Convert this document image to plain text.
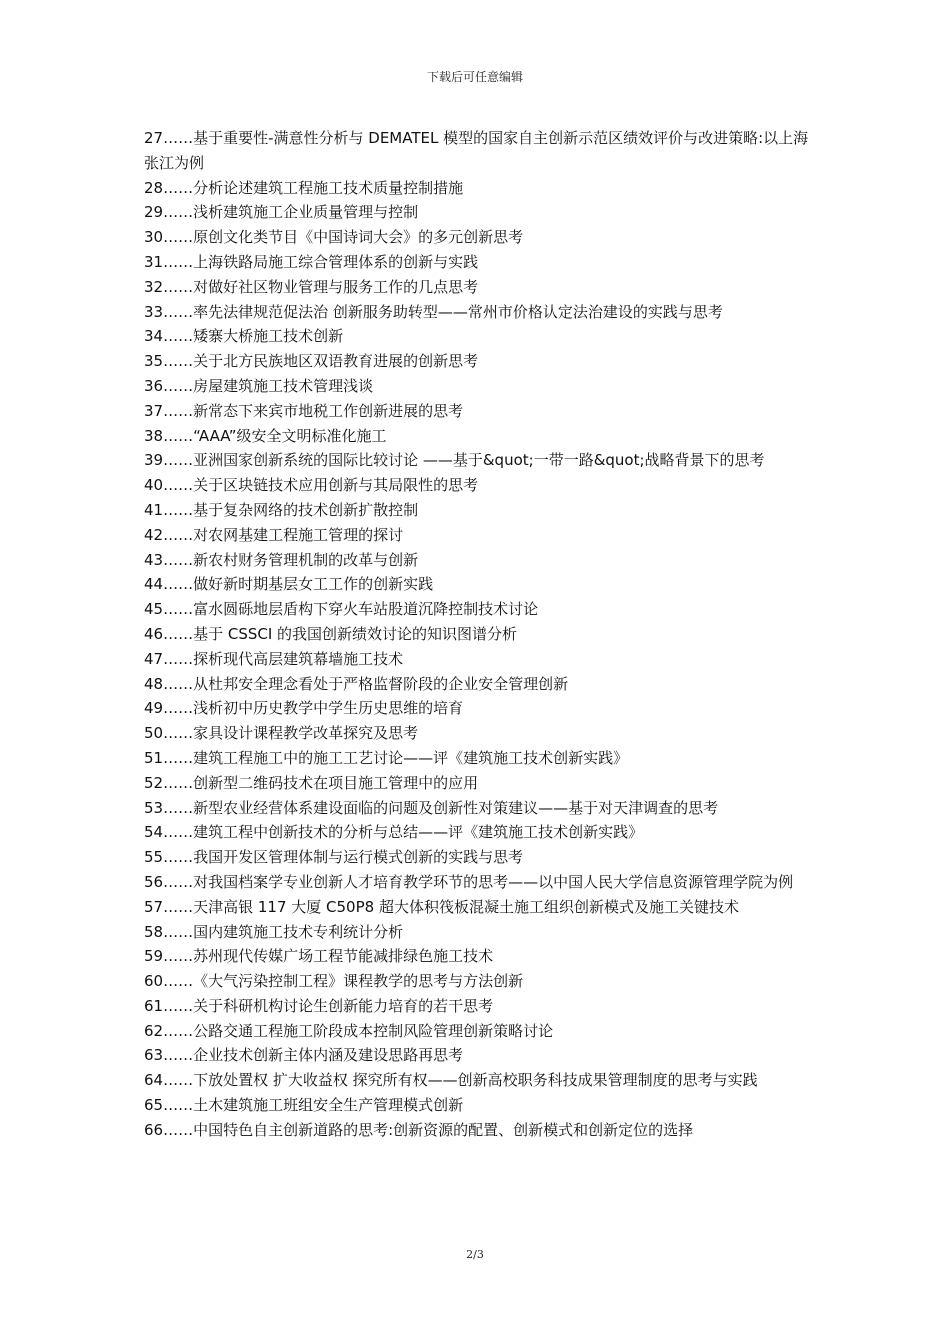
下载后可任意编辑

27……基于重要性-满意性分析与 DEMATEL 模型的国家自主创新示范区绩效评价与改进策略:以上海张江为例

28……分析论述建筑工程施工技术质量控制措施

29……浅析建筑施工企业质量管理与控制

30……原创文化类节目《中国诗词大会》的多元创新思考

31……上海铁路局施工综合管理体系的创新与实践

32……对做好社区物业管理与服务工作的几点思考

33……率先法律规范促法治 创新服务助转型——常州市价格认定法治建设的实践与思考

34……矮寨大桥施工技术创新

35……关于北方民族地区双语教育进展的创新思考

36……房屋建筑施工技术管理浅谈

37……新常态下来宾市地税工作创新进展的思考

38……“AAA”级安全文明标准化施工

39……亚洲国家创新系统的国际比较讨论 ——基于&quot;一带一路&quot;战略背景下的思考

40……关于区块链技术应用创新与其局限性的思考

41……基于复杂网络的技术创新扩散控制

42……对农网基建工程施工管理的探讨

43……新农村财务管理机制的改革与创新

44……做好新时期基层女工工作的创新实践

45……富水圆砾地层盾构下穿火车站股道沉降控制技术讨论

46……基于 CSSCI 的我国创新绩效讨论的知识图谱分析

47……探析现代高层建筑幕墙施工技术

48……从杜邦安全理念看处于严格监督阶段的企业安全管理创新

49……浅析初中历史教学中学生历史思维的培育

50……家具设计课程教学改革探究及思考

51……建筑工程施工中的施工工艺讨论——评《建筑施工技术创新实践》

52……创新型二维码技术在项目施工管理中的应用

53……新型农业经营体系建设面临的问题及创新性对策建议——基于对天津调查的思考

54……建筑工程中创新技术的分析与总结——评《建筑施工技术创新实践》

55……我国开发区管理体制与运行模式创新的实践与思考

56……对我国档案学专业创新人才培育教学环节的思考——以中国人民大学信息资源管理学院为例

57……天津高银 117 大厦 C50P8 超大体积筏板混凝土施工组织创新模式及施工关键技术

58……国内建筑施工技术专利统计分析

59……苏州现代传媒广场工程节能减排绿色施工技术

60……《大气污染控制工程》课程教学的思考与方法创新

61……关于科研机构讨论生创新能力培育的若干思考

62……公路交通工程施工阶段成本控制风险管理创新策略讨论

63……企业技术创新主体内涵及建设思路再思考

64……下放处置权 扩大收益权 探究所有权——创新高校职务科技成果管理制度的思考与实践

65……土木建筑施工班组安全生产管理模式创新

66……中国特色自主创新道路的思考:创新资源的配置、创新模式和创新定位的选择

2/3
